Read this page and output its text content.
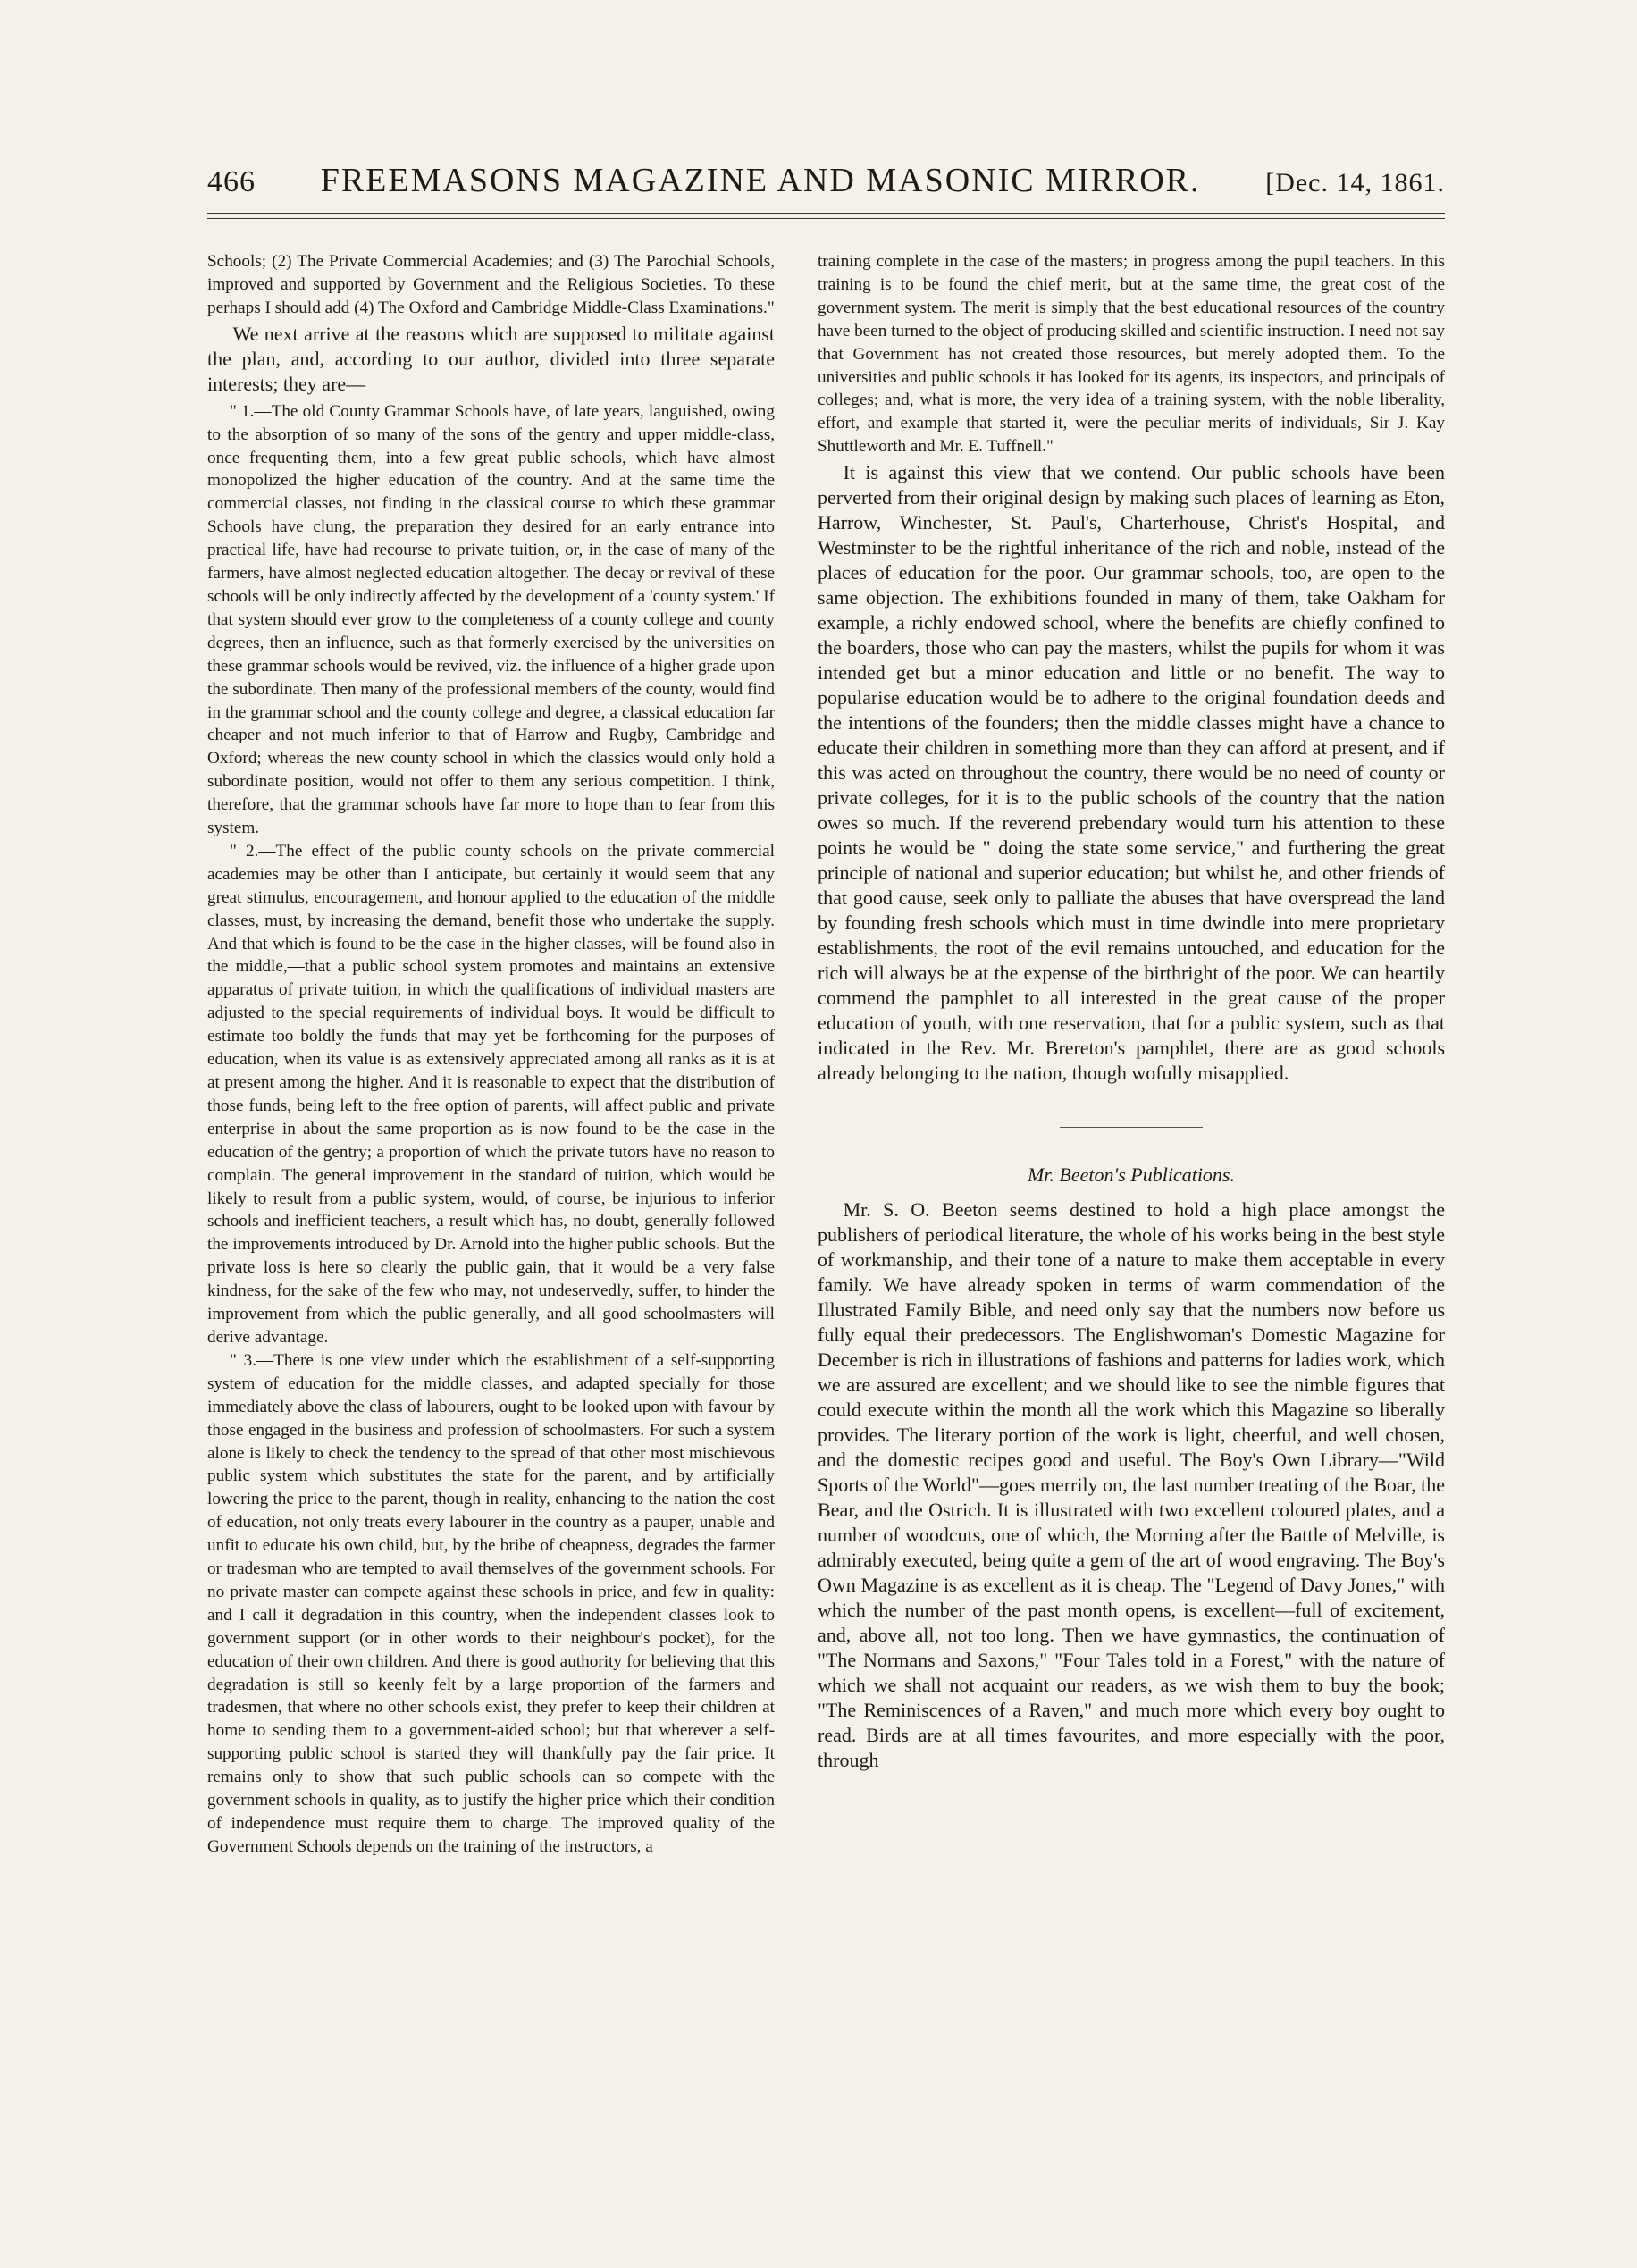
466 FREEMASONS MAGAZINE AND MASONIC MIRROR. [Dec. 14, 1861.

Schools; (2) The Private Commercial Academies; and (3) The Parochial Schools, improved and supported by Government and the Religious Societies. To these perhaps I should add (4) The Oxford and Cambridge Middle-Class Examinations."

We next arrive at the reasons which are supposed to militate against the plan, and, according to our author, divided into three separate interests; they are—

" 1.—The old County Grammar Schools have, of late years, languished, owing to the absorption of so many of the sons of the gentry and upper middle-class, once frequenting them, into a few great public schools, which have almost monopolized the higher education of the country. And at the same time the commercial classes, not finding in the classical course to which these grammar Schools have clung, the preparation they desired for an early entrance into practical life, have had recourse to private tuition, or, in the case of many of the farmers, have almost neglected education altogether. The decay or revival of these schools will be only indirectly affected by the development of a 'county system.' If that system should ever grow to the completeness of a county college and county degrees, then an influence, such as that formerly exercised by the universities on these grammar schools would be revived, viz. the influence of a higher grade upon the subordinate. Then many of the professional members of the county, would find in the grammar school and the county college and degree, a classical education far cheaper and not much inferior to that of Harrow and Rugby, Cambridge and Oxford; whereas the new county school in which the classics would only hold a subordinate position, would not offer to them any serious competition. I think, therefore, that the grammar schools have far more to hope than to fear from this system.

" 2.—The effect of the public county schools on the private commercial academies may be other than I anticipate, but certainly it would seem that any great stimulus, encouragement, and honour applied to the education of the middle classes, must, by increasing the demand, benefit those who undertake the supply. And that which is found to be the case in the higher classes, will be found also in the middle,—that a public school system promotes and maintains an extensive apparatus of private tuition, in which the qualifications of individual masters are adjusted to the special requirements of individual boys. It would be difficult to estimate too boldly the funds that may yet be forthcoming for the purposes of education, when its value is as extensively appreciated among all ranks as it is at at present among the higher. And it is reasonable to expect that the distribution of those funds, being left to the free option of parents, will affect public and private enterprise in about the same proportion as is now found to be the case in the education of the gentry; a proportion of which the private tutors have no reason to complain. The general improvement in the standard of tuition, which would be likely to result from a public system, would, of course, be injurious to inferior schools and inefficient teachers, a result which has, no doubt, generally followed the improvements introduced by Dr. Arnold into the higher public schools. But the private loss is here so clearly the public gain, that it would be a very false kindness, for the sake of the few who may, not undeservedly, suffer, to hinder the improvement from which the public generally, and all good schoolmasters will derive advantage.

" 3.—There is one view under which the establishment of a self-supporting system of education for the middle classes, and adapted specially for those immediately above the class of labourers, ought to be looked upon with favour by those engaged in the business and profession of schoolmasters. For such a system alone is likely to check the tendency to the spread of that other most mischievous public system which substitutes the state for the parent, and by artificially lowering the price to the parent, though in reality, enhancing to the nation the cost of education, not only treats every labourer in the country as a pauper, unable and unfit to educate his own child, but, by the bribe of cheapness, degrades the farmer or tradesman who are tempted to avail themselves of the government schools. For no private master can compete against these schools in price, and few in quality: and I call it degradation in this country, when the independent classes look to government support (or in other words to their neighbour's pocket), for the education of their own children. And there is good authority for believing that this degradation is still so keenly felt by a large proportion of the farmers and tradesmen, that where no other schools exist, they prefer to keep their children at home to sending them to a government-aided school; but that wherever a self-supporting public school is started they will thankfully pay the fair price. It remains only to show that such public schools can so compete with the government schools in quality, as to justify the higher price which their condition of independence must require them to charge. The improved quality of the Government Schools depends on the training of the instructors, a

training complete in the case of the masters; in progress among the pupil teachers. In this training is to be found the chief merit, but at the same time, the great cost of the government system. The merit is simply that the best educational resources of the country have been turned to the object of producing skilled and scientific instruction. I need not say that Government has not created those resources, but merely adopted them. To the universities and public schools it has looked for its agents, its inspectors, and principals of colleges; and, what is more, the very idea of a training system, with the noble liberality, effort, and example that started it, were the peculiar merits of individuals, Sir J. Kay Shuttleworth and Mr. E. Tuffnell."

It is against this view that we contend. Our public schools have been perverted from their original design by making such places of learning as Eton, Harrow, Winchester, St. Paul's, Charterhouse, Christ's Hospital, and Westminster to be the rightful inheritance of the rich and noble, instead of the places of education for the poor. Our grammar schools, too, are open to the same objection. The exhibitions founded in many of them, take Oakham for example, a richly endowed school, where the benefits are chiefly confined to the boarders, those who can pay the masters, whilst the pupils for whom it was intended get but a minor education and little or no benefit. The way to popularise education would be to adhere to the original foundation deeds and the intentions of the founders; then the middle classes might have a chance to educate their children in something more than they can afford at present, and if this was acted on throughout the country, there would be no need of county or private colleges, for it is to the public schools of the country that the nation owes so much. If the reverend prebendary would turn his attention to these points he would be " doing the state some service," and furthering the great principle of national and superior education; but whilst he, and other friends of that good cause, seek only to palliate the abuses that have overspread the land by founding fresh schools which must in time dwindle into mere proprietary establishments, the root of the evil remains untouched, and education for the rich will always be at the expense of the birthright of the poor. We can heartily commend the pamphlet to all interested in the great cause of the proper education of youth, with one reservation, that for a public system, such as that indicated in the Rev. Mr. Brereton's pamphlet, there are as good schools already belonging to the nation, though wofully misapplied.

Mr. Beeton's Publications.

Mr. S. O. Beeton seems destined to hold a high place amongst the publishers of periodical literature, the whole of his works being in the best style of workmanship, and their tone of a nature to make them acceptable in every family. We have already spoken in terms of warm commendation of the Illustrated Family Bible, and need only say that the numbers now before us fully equal their predecessors. The Englishwoman's Domestic Magazine for December is rich in illustrations of fashions and patterns for ladies work, which we are assured are excellent; and we should like to see the nimble figures that could execute within the month all the work which this Magazine so liberally provides. The literary portion of the work is light, cheerful, and well chosen, and the domestic recipes good and useful. The Boy's Own Library—"Wild Sports of the World"—goes merrily on, the last number treating of the Boar, the Bear, and the Ostrich. It is illustrated with two excellent coloured plates, and a number of woodcuts, one of which, the Morning after the Battle of Melville, is admirably executed, being quite a gem of the art of wood engraving. The Boy's Own Magazine is as excellent as it is cheap. The "Legend of Davy Jones," with which the number of the past month opens, is excellent—full of excitement, and, above all, not too long. Then we have gymnastics, the continuation of "The Normans and Saxons," "Four Tales told in a Forest," with the nature of which we shall not acquaint our readers, as we wish them to buy the book; "The Reminiscences of a Raven," and much more which every boy ought to read. Birds are at all times favourites, and more especially with the poor, through
